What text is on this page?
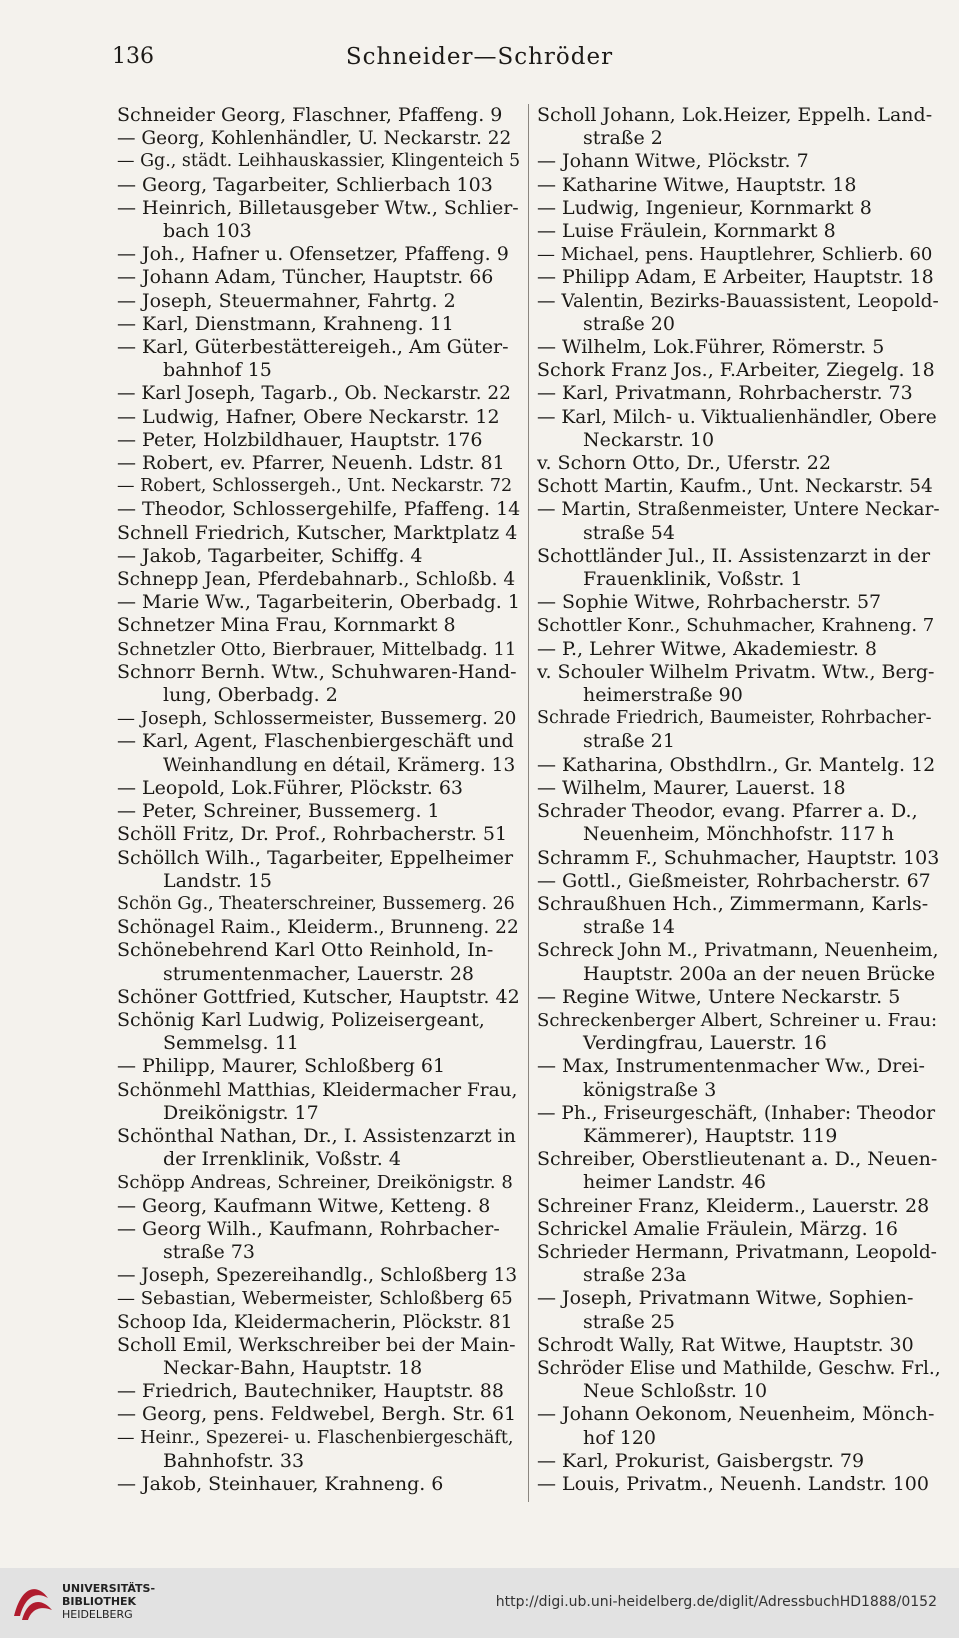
136	Schneider—Schröder
Schneider Georg, Flaschner, Pfaffeng. 9
— Georg, Kohlenhändler, U. Neckarstr. 22
— Gg., städt. Leihhauskassier, Klingenteich 5
— Georg, Tagarbeiter, Schlierbach 103
— Heinrich, Billetausgeber Wtw., Schlier-
bach 103
— Joh., Hafner u. Ofensetzer, Pfaffeng. 9
— Johann Adam, Tüncher, Hauptstr. 66
— Joseph, Steuermahner, Fahrtg. 2
— Karl, Dienstmann, Krahneng. 11
— Karl, Güterbestättereigeh., Am Güter-
bahnhof 15
— Karl Joseph, Tagarb., Ob. Neckarstr. 22
— Ludwig, Hafner, Obere Neckarstr. 12
— Peter, Holzbildhauer, Hauptstr. 176
— Robert, ev. Pfarrer, Neuenh. Ldstr. 81
— Robert, Schlossergeh., Unt. Neckarstr. 72
— Theodor, Schlossergehilfe, Pfaffeng. 14
Schnell Friedrich, Kutscher, Marktplatz 4
— Jakob, Tagarbeiter, Schiffg. 4
Schnepp Jean, Pferdebahnarb., Schloßb. 4
— Marie Ww., Tagarbeiterin, Oberbadg. 1
Schnetzer Mina Frau, Kornmarkt 8
Schnetzler Otto, Bierbrauer, Mittelbadg. 11
Schnorr Bernh. Wtw., Schuhwaren-Hand-
lung, Oberbadg. 2
— Joseph, Schlossermeister, Bussemerg. 20
— Karl, Agent, Flaschenbiergeschäft und
Weinhandlung en détail, Krämerg. 13
— Leopold, Lok.Führer, Plöckstr. 63
— Peter, Schreiner, Bussemerg. 1
Schöll Fritz, Dr. Prof., Rohrbacherstr. 51
Schöllch Wilh., Tagarbeiter, Eppelheimer
Landstr. 15
Schön Gg., Theaterschreiner, Bussemerg. 26
Schönagel Raim., Kleiderm., Brunneng. 22
Schönebehrend Karl Otto Reinhold, In-
strumentenmacher, Lauerstr. 28
Schöner Gottfried, Kutscher, Hauptstr. 42
Schönig Karl Ludwig, Polizeisergeant,
Semmelsg. 11
— Philipp, Maurer, Schloßberg 61
Schönmehl Matthias, Kleidermacher Frau,
Dreikönigstr. 17
Schönthal Nathan, Dr., I. Assistenzarzt in
der Irrenklinik, Voßstr. 4
Schöpp Andreas, Schreiner, Dreikönigstr. 8
— Georg, Kaufmann Witwe, Ketteng. 8
— Georg Wilh., Kaufmann, Rohrbacher-
straße 73
— Joseph, Spezereihandlg., Schloßberg 13
— Sebastian, Webermeister, Schloßberg 65
Schoop Ida, Kleidermacherin, Plöckstr. 81
Scholl Emil, Werkschreiber bei der Main-
Neckar-Bahn, Hauptstr. 18
— Friedrich, Bautechniker, Hauptstr. 88
— Georg, pens. Feldwebel, Bergh. Str. 61
— Heinr., Spezerei- u. Flaschenbiergeschäft,
Bahnhofstr. 33
— Jakob, Steinhauer, Krahneng. 6
Scholl Johann, Lok.Heizer, Eppelh. Land-
straße 2
— Johann Witwe, Plöckstr. 7
— Katharine Witwe, Hauptstr. 18
— Ludwig, Ingenieur, Kornmarkt 8
— Luise Fräulein, Kornmarkt 8
— Michael, pens. Hauptlehrer, Schlierb. 60
— Philipp Adam, E Arbeiter, Hauptstr. 18
— Valentin, Bezirks-Bauassistent, Leopold-
straße 20
— Wilhelm, Lok.Führer, Römerstr. 5
Schork Franz Jos., F.Arbeiter, Ziegelg. 18
— Karl, Privatmann, Rohrbacherstr. 73
— Karl, Milch- u. Viktualienhändler, Obere
Neckarstr. 10
v. Schorn Otto, Dr., Uferstr. 22
Schott Martin, Kaufm., Unt. Neckarstr. 54
— Martin, Straßenmeister, Untere Neckar-
straße 54
Schottländer Jul., II. Assistenzarzt in der
Frauenklinik, Voßstr. 1
— Sophie Witwe, Rohrbacherstr. 57
Schottler Konr., Schuhmacher, Krahneng. 7
— P., Lehrer Witwe, Akademiestr. 8
v. Schouler Wilhelm Privatm. Wtw., Berg-
heimerstraße 90
Schrade Friedrich, Baumeister, Rohrbacher-
straße 21
— Katharina, Obsthdlrn., Gr. Mantelg. 12
— Wilhelm, Maurer, Lauerst. 18
Schrader Theodor, evang. Pfarrer a. D.,
Neuenheim, Mönchhofstr. 117 h
Schramm F., Schuhmacher, Hauptstr. 103
— Gottl., Gießmeister, Rohrbacherstr. 67
Schraußhuen Hch., Zimmermann, Karls-
straße 14
Schreck John M., Privatmann, Neuenheim,
Hauptstr. 200a an der neuen Brücke
— Regine Witwe, Untere Neckarstr. 5
Schreckenberger Albert, Schreiner u. Frau:
Verdingfrau, Lauerstr. 16
— Max, Instrumentenmacher Ww., Drei-
königstraße 3
— Ph., Friseurgeschäft, (Inhaber: Theodor
Kämmerer), Hauptstr. 119
Schreiber, Oberstlieutenant a. D., Neuen-
heimer Landstr. 46
Schreiner Franz, Kleiderm., Lauerstr. 28
Schrickel Amalie Fräulein, Märzg. 16
Schrieder Hermann, Privatmann, Leopold-
straße 23a
— Joseph, Privatmann Witwe, Sophien-
straße 25
Schrodt Wally, Rat Witwe, Hauptstr. 30
Schröder Elise und Mathilde, Geschw. Frl.,
Neue Schloßstr. 10
— Johann Oekonom, Neuenheim, Mönch-
hof 120
— Karl, Prokurist, Gaisbergstr. 79
— Louis, Privatm., Neuenh. Landstr. 100
UNIVERSITÄTS-
BIBLIOTHEK
HEIDELBERG
http://digi.ub.uni-heidelberg.de/diglit/AdressbuchHD1888/0152
